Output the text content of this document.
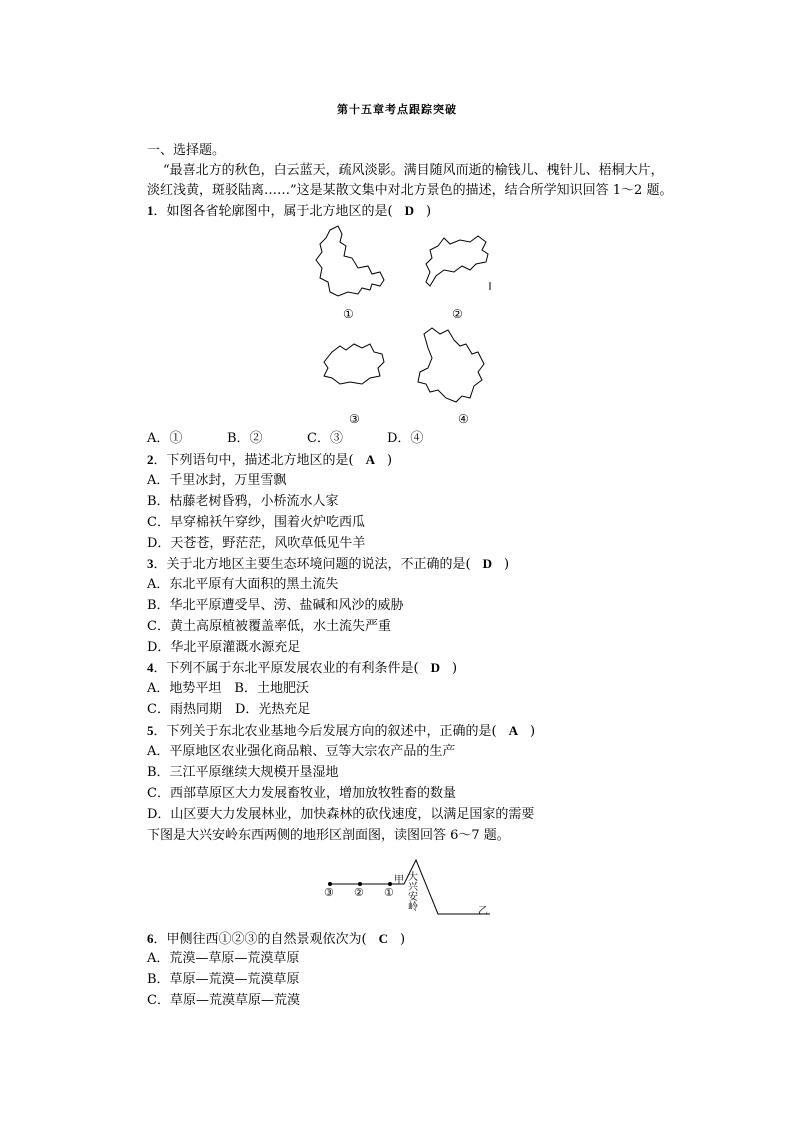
第十五章考点跟踪突破
一、选择题。
“最喜北方的秋色，白云蓝天，疏风淡影。满目随风而逝的榆钱儿、槐针儿、梧桐大片，
淡红浅黄，斑驳陆离……”这是某散文集中对北方景色的描述，结合所学知识回答 1～2 题。
1．如图各省轮廓图中，属于北方地区的是( D )
①	②
③	④
A．①	B．②	C．③	D．④
2．下列语句中，描述北方地区的是( A )
A．千里冰封，万里雪飘
B．枯藤老树昏鸦，小桥流水人家
C．早穿棉袄午穿纱，围着火炉吃西瓜
D．天苍苍，野茫茫，风吹草低见牛羊
3．关于北方地区主要生态环境问题的说法，不正确的是( D )
A．东北平原有大面积的黑土流失
B．华北平原遭受旱、涝、盐碱和风沙的威胁
C．黄土高原植被覆盖率低，水土流失严重
D．华北平原灌溉水源充足
4．下列不属于东北平原发展农业的有利条件是( D )
A．地势平坦　B．土地肥沃
C．雨热同期　D．光热充足
5．下列关于东北农业基地今后发展方向的叙述中，正确的是( A )
A．平原地区农业强化商品粮、豆等大宗农产品的生产
B．三江平原继续大规模开垦湿地
C．西部草原区大力发展畜牧业，增加放牧牲畜的数量
D．山区要大力发展林业，加快森林的砍伐速度，以满足国家的需要
下图是大兴安岭东西两侧的地形区剖面图，读图回答 6～7 题。
③ ② ①
甲 大
兴
安
岭	乙
6．甲侧往西①②③的自然景观依次为( C )
A．荒漠—草原—荒漠草原
B．草原—荒漠—荒漠草原
C．草原—荒漠草原—荒漠
